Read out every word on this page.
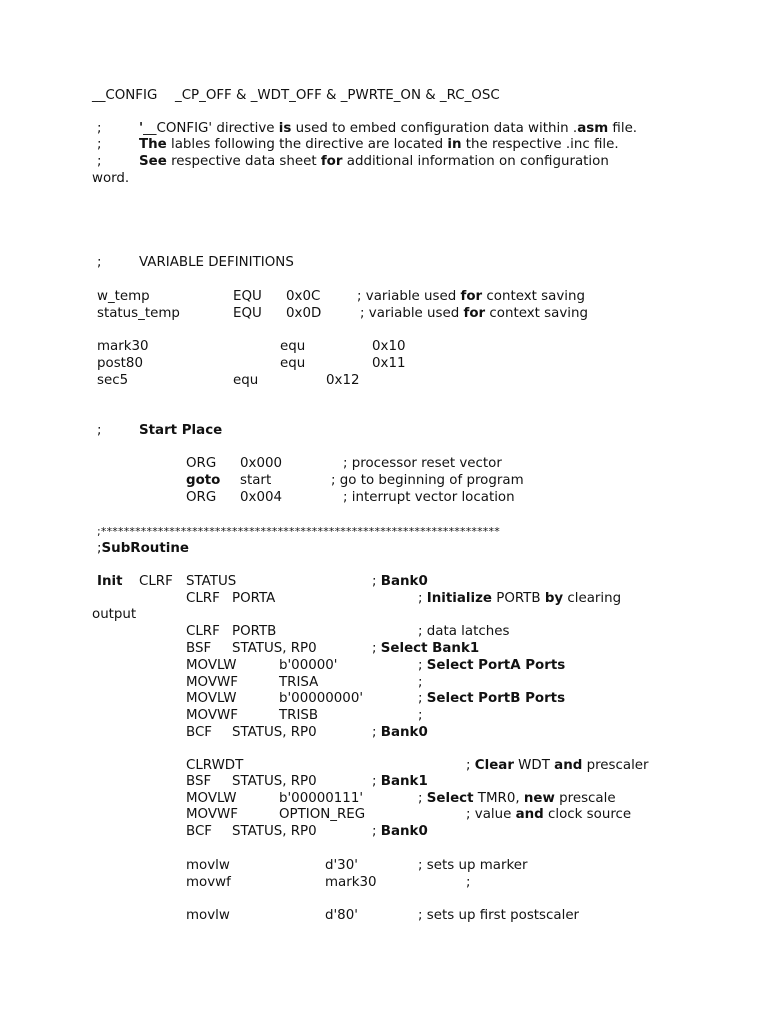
__CONFIG _CP_OFF & _WDT_OFF & _PWRTE_ON & _RC_OSC
;	'__CONFIG' directive is used to embed configuration data within .asm file.
;	The lables following the directive are located in the respective .inc file.
;	See respective data sheet for additional information on configuration
word.
;	VARIABLE DEFINITIONS
w_temp	EQU 0x0C	; variable used for context saving
status_temp	EQU 0x0D	; variable used for context saving
mark30	equ	0x10
post80	equ	0x11
sec5	equ	0x12
;	Start Place
ORG 0x000	; processor reset vector
goto start	; go to beginning of program
ORG 0x004	; interrupt vector location
;**********************************************************************
;SubRoutine
Init CLRF STATUS	; Bank0
CLRF PORTA	; Initialize PORTB by clearing
output
CLRF PORTB	; data latches
BSF STATUS, RP0	; Select Bank1
MOVLW	b'00000'	; Select PortA Ports
MOVWF	TRISA	;
MOVLW	b'00000000'	; Select PortB Ports
MOVWF	TRISB	;
BCF STATUS, RP0	; Bank0
CLRWDT	; Clear WDT and prescaler
BSF STATUS, RP0	; Bank1
MOVLW	b'00000111'	; Select TMR0, new prescale
MOVWF	OPTION_REG	; value and clock source
BCF STATUS, RP0	; Bank0
movlw	d'30'	; sets up marker
movwf	mark30	;
movlw	d'80'	; sets up first postscaler
